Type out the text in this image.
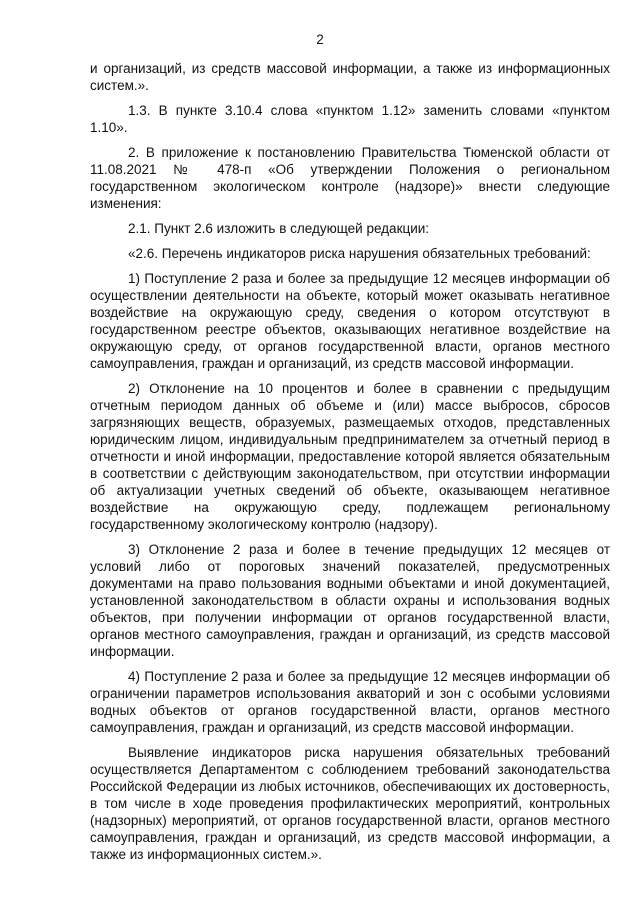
2

и организаций, из средств массовой информации, а также из информационных систем.».

1.3. В пункте 3.10.4 слова «пунктом 1.12» заменить словами «пунктом 1.10».

2. В приложение к постановлению Правительства Тюменской области от 11.08.2021 № 478-п «Об утверждении Положения о региональном государственном экологическом контроле (надзоре)» внести следующие изменения:

2.1. Пункт 2.6 изложить в следующей редакции:

«2.6. Перечень индикаторов риска нарушения обязательных требований:

1) Поступление 2 раза и более за предыдущие 12 месяцев информации об осуществлении деятельности на объекте, который может оказывать негативное воздействие на окружающую среду, сведения о котором отсутствуют в государственном реестре объектов, оказывающих негативное воздействие на окружающую среду, от органов государственной власти, органов местного самоуправления, граждан и организаций, из средств массовой информации.

2) Отклонение на 10 процентов и более в сравнении с предыдущим отчетным периодом данных об объеме и (или) массе выбросов, сбросов загрязняющих веществ, образуемых, размещаемых отходов, представленных юридическим лицом, индивидуальным предпринимателем за отчетный период в отчетности и иной информации, предоставление которой является обязательным в соответствии с действующим законодательством, при отсутствии информации об актуализации учетных сведений об объекте, оказывающем негативное воздействие на окружающую среду, подлежащем региональному государственному экологическому контролю (надзору).

3) Отклонение 2 раза и более в течение предыдущих 12 месяцев от условий либо от пороговых значений показателей, предусмотренных документами на право пользования водными объектами и иной документацией, установленной законодательством в области охраны и использования водных объектов, при получении информации от органов государственной власти, органов местного самоуправления, граждан и организаций, из средств массовой информации.

4) Поступление 2 раза и более за предыдущие 12 месяцев информации об ограничении параметров использования акваторий и зон с особыми условиями водных объектов от органов государственной власти, органов местного самоуправления, граждан и организаций, из средств массовой информации.

Выявление индикаторов риска нарушения обязательных требований осуществляется Департаментом с соблюдением требований законодательства Российской Федерации из любых источников, обеспечивающих их достоверность, в том числе в ходе проведения профилактических мероприятий, контрольных (надзорных) мероприятий, от органов государственной власти, органов местного самоуправления, граждан и организаций, из средств массовой информации, а также из информационных систем.».
